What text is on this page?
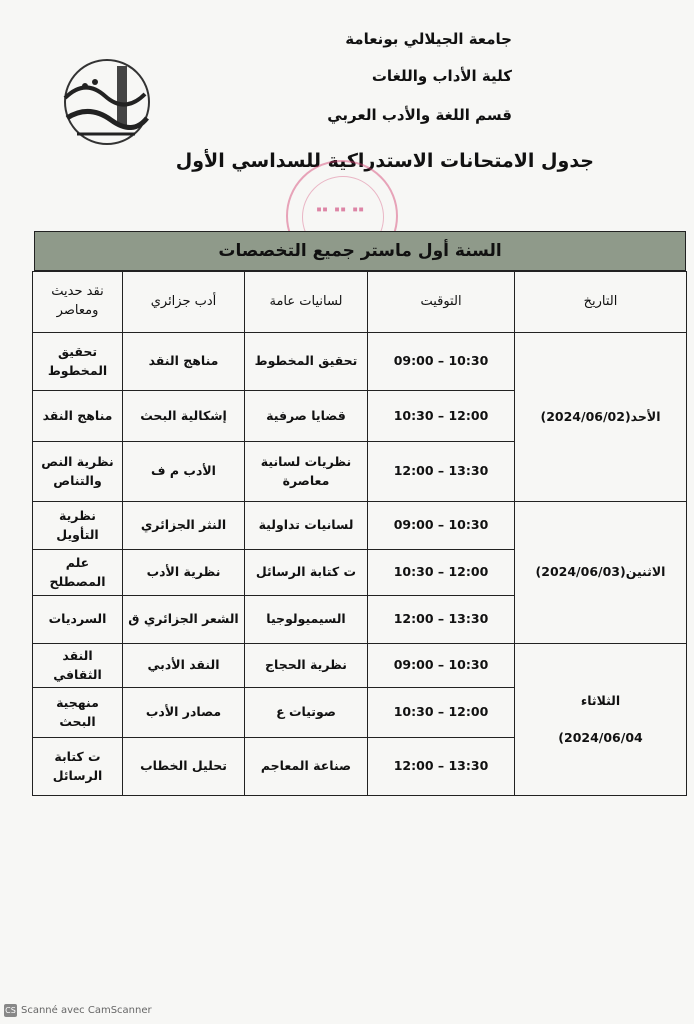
جامعة الجيلالي بونعامة
كلية الأداب واللغات
قسم اللغة والأدب العربي
جدول الامتحانات الاستدراكية للسداسي الأول
▪▪ ▪▪ ▪▪
السنة أول ماستر جميع التخصصات
التاريخ	التوقيت	لسانيات عامة	أدب جزائري	نقد حديث ومعاصر
الأحد(2024/06/02)	09:00 – 10:30	تحقيق المخطوط	مناهج النقد	تحقيق المخطوط
	10:30 – 12:00	قضايا صرفية	إشكالية البحث	مناهج النقد
	12:00 – 13:30	نظريات لسانية معاصرة	الأدب م ف	نظرية النص والتناص
الاثنين(2024/06/03)	09:00 – 10:30	لسانيات تداولية	النثر الجزائري	نظرية التأويل
	10:30 – 12:00	ت كتابة الرسائل	نظرية الأدب	علم المصطلح
	12:00 – 13:30	السيميولوجيا	الشعر الجزائري ق	السرديات

الثلاثاء
2024/06/04)	09:00 – 10:30	نظرية الحجاج	النقد الأدبي	النقد الثقافي
	10:30 – 12:00	صوتيات ع	مصادر الأدب	منهجية البحث
	12:00 – 13:30	صناعة المعاجم	تحليل الخطاب	ت كتابة الرسائل
CS Scanné avec CamScanner
